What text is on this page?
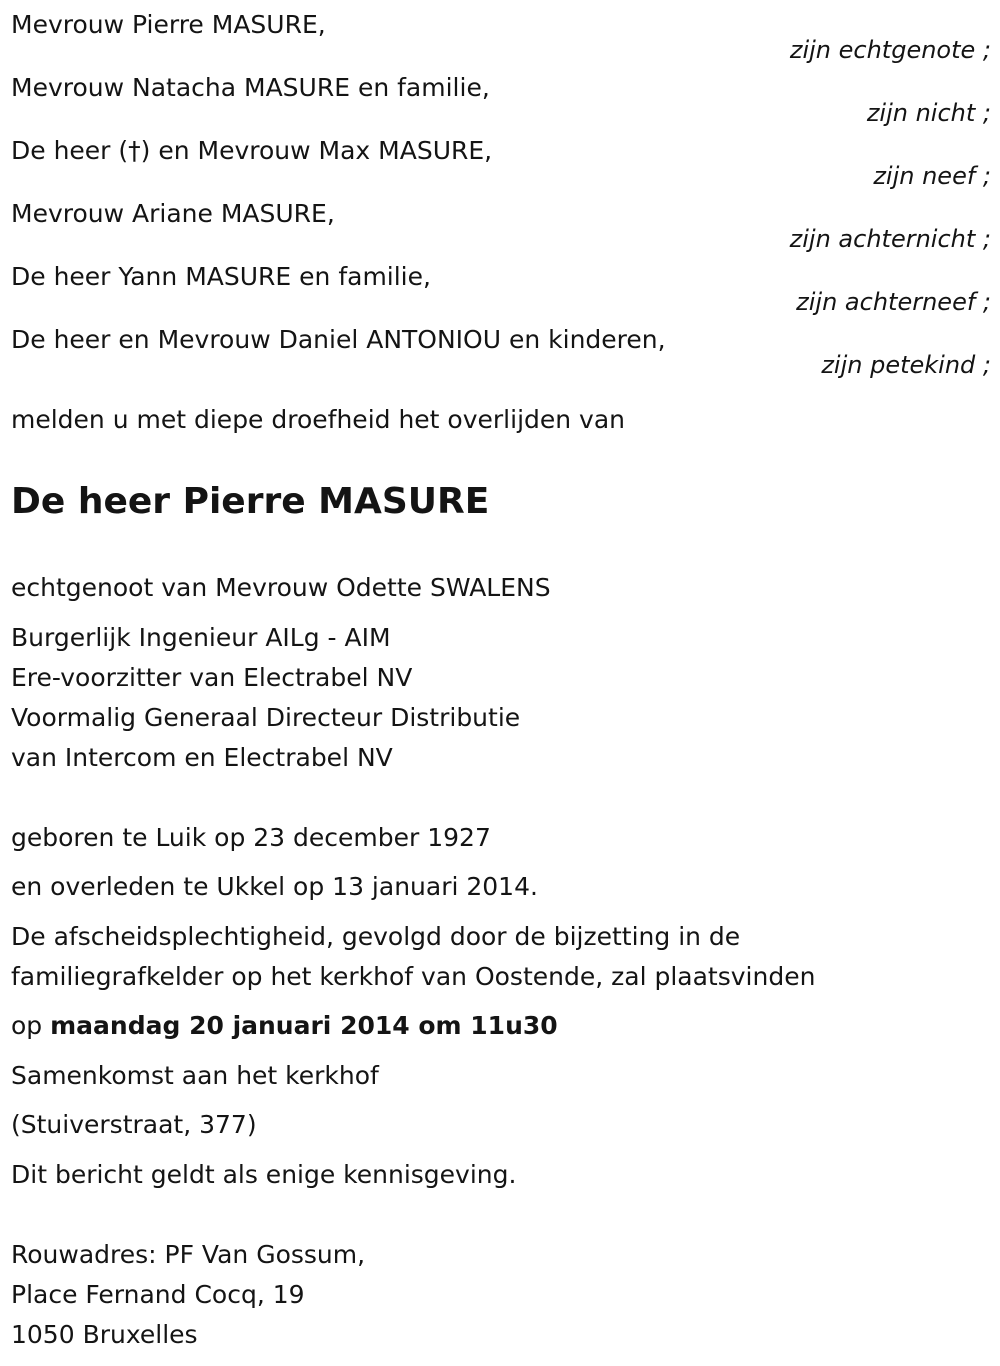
Mevrouw Pierre MASURE,
zijn echtgenote ;
Mevrouw Natacha MASURE en familie,
zijn nicht ;
De heer (†) en Mevrouw Max MASURE,
zijn neef ;
Mevrouw Ariane MASURE,
zijn achternicht ;
De heer Yann MASURE en familie,
zijn achterneef ;
De heer en Mevrouw Daniel ANTONIOU en kinderen,
zijn petekind ;
melden u met diepe droefheid het overlijden van
De heer Pierre MASURE
echtgenoot van Mevrouw Odette SWALENS
Burgerlijk Ingenieur AILg - AIM
Ere-voorzitter van Electrabel NV
Voormalig Generaal Directeur Distributie
van Intercom en Electrabel NV
geboren te Luik op 23 december 1927
en overleden te Ukkel op 13 januari 2014.
De afscheidsplechtigheid, gevolgd door de bijzetting in de
familiegrafkelder op het kerkhof van Oostende, zal plaatsvinden
op maandag 20 januari 2014 om 11u30
Samenkomst aan het kerkhof
(Stuiverstraat, 377)
Dit bericht geldt als enige kennisgeving.
Rouwadres: PF Van Gossum,
Place Fernand Cocq, 19
1050 Bruxelles
